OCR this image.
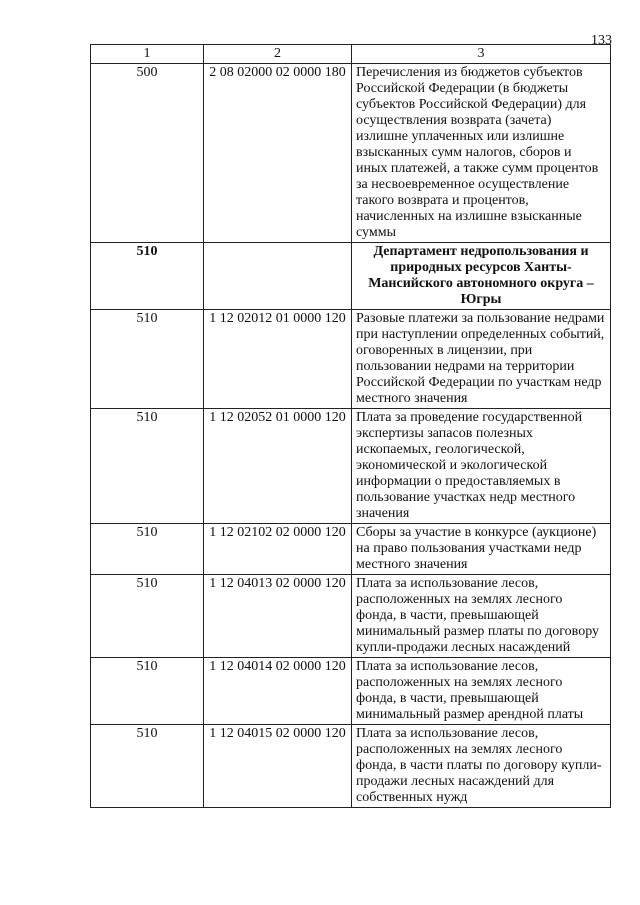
133
1	2	3
500	2 08 02000 02 0000 180	Перечисления из бюджетов субъектов Российской Федерации (в бюджеты субъектов Российской Федерации) для осуществления возврата (зачета) излишне уплаченных или излишне взысканных сумм налогов, сборов и иных платежей, а также сумм процентов за несвоевременное осуществление такого возврата и процентов, начисленных на излишне взысканные суммы
510		Департамент недропользования и природных ресурсов Ханты-Мансийского автономного округа – Югры
510	1 12 02012 01 0000 120	Разовые платежи за пользование недрами при наступлении определенных событий, оговоренных в лицензии, при пользовании недрами на территории Российской Федерации по участкам недр местного значения
510	1 12 02052 01 0000 120	Плата за проведение государственной экспертизы запасов полезных ископаемых, геологической, экономической и экологической информации о предоставляемых в пользование участках недр местного значения
510	1 12 02102 02 0000 120	Сборы за участие в конкурсе (аукционе) на право пользования участками недр местного значения
510	1 12 04013 02 0000 120	Плата за использование лесов, расположенных на землях лесного фонда, в части, превышающей минимальный размер платы по договору купли-продажи лесных насаждений
510	1 12 04014 02 0000 120	Плата за использование лесов, расположенных на землях лесного фонда, в части, превышающей минимальный размер арендной платы
510	1 12 04015 02 0000 120	Плата за использование лесов, расположенных на землях лесного фонда, в части платы по договору купли-продажи лесных насаждений для собственных нужд
